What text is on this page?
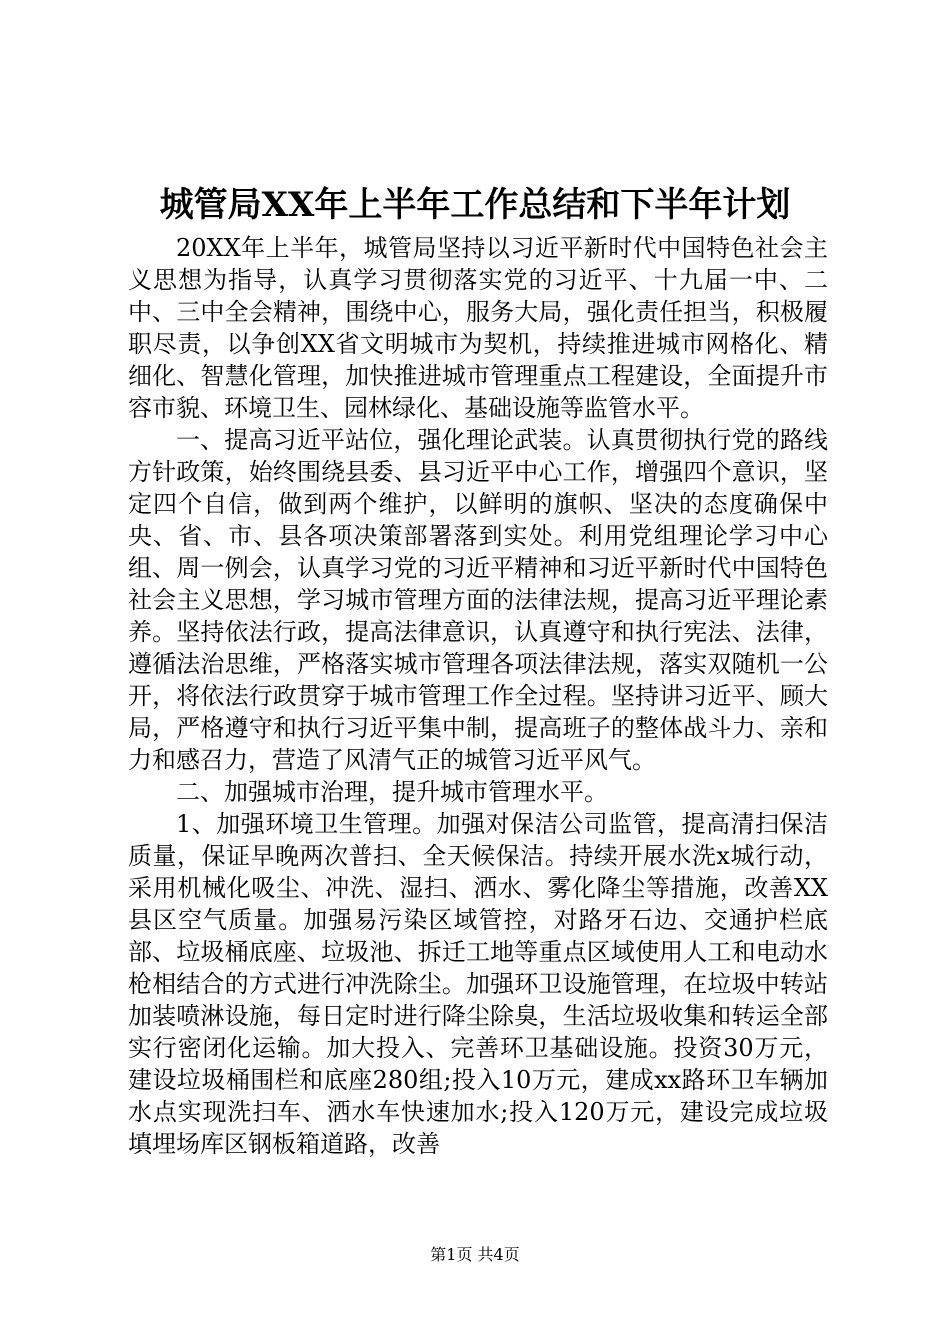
城管局XX年上半年工作总结和下半年计划

20XX年上半年，城管局坚持以习近平新时代中国特色社会主义思想为指导，认真学习贯彻落实党的习近平、十九届一中、二中、三中全会精神，围绕中心，服务大局，强化责任担当，积极履职尽责，以争创XX省文明城市为契机，持续推进城市网格化、精细化、智慧化管理，加快推进城市管理重点工程建设，全面提升市容市貌、环境卫生、园林绿化、基础设施等监管水平。

一、提高习近平站位，强化理论武装。认真贯彻执行党的路线方针政策，始终围绕县委、县习近平中心工作，增强四个意识，坚定四个自信，做到两个维护，以鲜明的旗帜、坚决的态度确保中央、省、市、县各项决策部署落到实处。利用党组理论学习中心组、周一例会，认真学习党的习近平精神和习近平新时代中国特色社会主义思想，学习城市管理方面的法律法规，提高习近平理论素养。坚持依法行政，提高法律意识，认真遵守和执行宪法、法律，遵循法治思维，严格落实城市管理各项法律法规，落实双随机一公开，将依法行政贯穿于城市管理工作全过程。坚持讲习近平、顾大局，严格遵守和执行习近平集中制，提高班子的整体战斗力、亲和力和感召力，营造了风清气正的城管习近平风气。

二、加强城市治理，提升城市管理水平。

1、加强环境卫生管理。加强对保洁公司监管，提高清扫保洁质量，保证早晚两次普扫、全天候保洁。持续开展水洗x城行动，采用机械化吸尘、冲洗、湿扫、洒水、雾化降尘等措施，改善XX县区空气质量。加强易污染区域管控，对路牙石边、交通护栏底部、垃圾桶底座、垃圾池、拆迁工地等重点区域使用人工和电动水枪相结合的方式进行冲洗除尘。加强环卫设施管理，在垃圾中转站加装喷淋设施，每日定时进行降尘除臭，生活垃圾收集和转运全部实行密闭化运输。加大投入、完善环卫基础设施。投资30万元，建设垃圾桶围栏和底座280组;投入10万元，建成xx路环卫车辆加水点实现洗扫车、洒水车快速加水;投入120万元，建设完成垃圾填埋场库区钢板箱道路，改善

第1页 共4页
